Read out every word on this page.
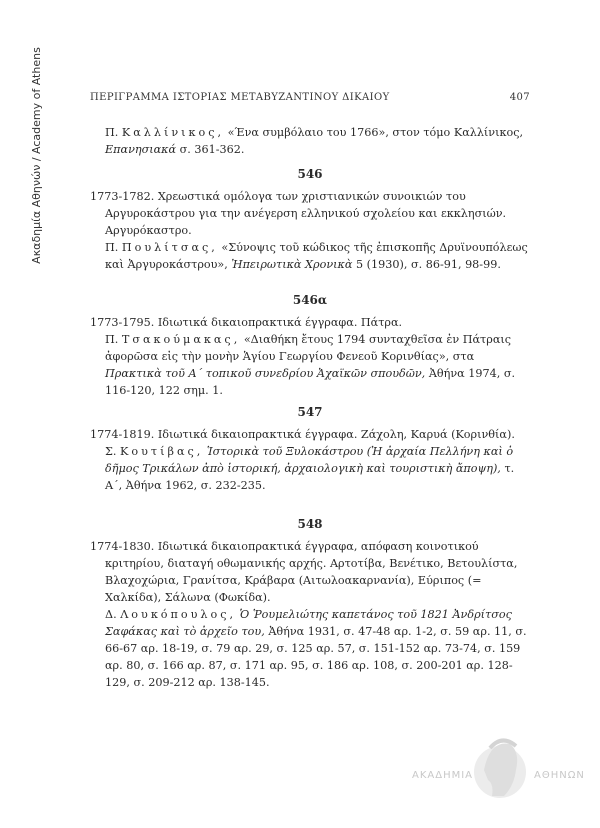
Ακαδημία Αθηνών / Academy of Athens	ΠΕΡΙΓΡΑΜΜΑ ΙΣΤΟΡΙΑΣ ΜΕΤΑΒΥΖΑΝΤΙΝΟΥ ΔΙΚΑΙΟΥ	407

Π. Καλλίνικος, «Ένα συμβόλαιο του 1766», στον τόμο Καλλίνικος, Επανησιακά σ. 361-362.

546

1773-1782. Χρεωστικά ομόλογα των χριστιανικών συνοικιών του Αργυροκάστρου για την ανέγερση ελληνικού σχολείου και εκκλησιών. Αργυρόκαστρο.

Π. Πουλίτσας, «Σύνοψις τοῦ κώδικος τῆς ἐπισκοπῆς Δρυϊνουπόλεως καὶ Ἀργυροκάστρου», Ἠπειρωτικὰ Χρονικὰ 5 (1930), σ. 86-91, 98-99.

546α

1773-1795. Ιδιωτικά δικαιοπρακτικά έγγραφα. Πάτρα.

Π. Τσακούμακας, «Διαθήκη ἔτους 1794 συνταχθεῖσα ἐν Πάτραις ἀφορῶσα εἰς τὴν μονὴν Ἁγίου Γεωργίου Φενεοῦ Κορινθίας», στα Πρακτικὰ τοῦ Α΄ τοπικοῦ συνεδρίου Ἀχαϊκῶν σπουδῶν, Ἀθήνα 1974, σ. 116-120, 122 σημ. 1.

547

1774-1819. Ιδιωτικά δικαιοπρακτικά έγγραφα. Ζάχολη, Καρυά (Κορινθία).

Σ. Κουτίβας, Ἱστορικὰ τοῦ Ξυλοκάστρου (Ἡ ἀρχαία Πελλήνη καὶ ὁ δῆμος Τρικάλων ἀπὸ ἱστορική, ἀρχαιολογικὴ καὶ τουριστικὴ ἄποψη), τ. Α΄, Ἀθήνα 1962, σ. 232-235.

548

1774-1830. Ιδιωτικά δικαιοπρακτικά έγγραφα, απόφαση κοινοτικού κριτηρίου, διαταγή οθωμανικής αρχής. Αρτοτίβα, Βενέτικο, Βετουλίστα, Βλαχοχώρια, Γρανίτσα, Κράβαρα (Αιτωλοακαρνανία), Εύριπος (= Χαλκίδα), Σάλωνα (Φωκίδα).

Δ. Λουκόπουλος, Ὁ Ῥουμελιώτης καπετάνος τοῦ 1821 Ἀνδρίτσος Σαφάκας καὶ τὸ ἀρχεῖο του, Ἀθήνα 1931, σ. 47-48 αρ. 1-2, σ. 59 αρ. 11, σ. 66-67 αρ. 18-19, σ. 79 αρ. 29, σ. 125 αρ. 57, σ. 151-152 αρ. 73-74, σ. 159 αρ. 80, σ. 166 αρ. 87, σ. 171 αρ. 95, σ. 186 αρ. 108, σ. 200-201 αρ. 128-129, σ. 209-212 αρ. 138-145.

ΑΚΑΔΗΜΙΑ	ΑΘΗΝΩΝ
